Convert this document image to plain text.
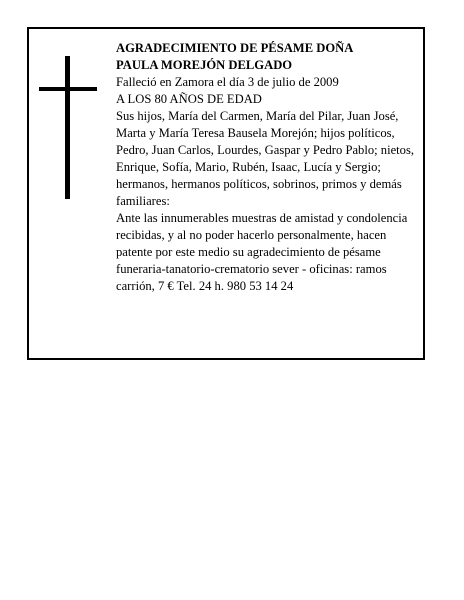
AGRADECIMIENTO DE PÉSAME DOÑA

PAULA MOREJÓN DELGADO

Falleció en Zamora el día 3 de julio de 2009

A LOS 80 AÑOS DE EDAD

Sus hijos, María del Carmen, María del Pilar, Juan José, Marta y María Teresa Bausela Morejón; hijos políticos, Pedro, Juan Carlos, Lourdes, Gaspar y Pedro Pablo; nietos, Enrique, Sofía, Mario, Rubén, Isaac, Lucía y Sergio; hermanos, hermanos políticos, sobrinos, primos y demás familiares:

Ante las innumerables muestras de amistad y condolencia recibidas, y al no poder hacerlo personalmente, hacen patente por este medio su agradecimiento de pésame

funeraria-tanatorio-crematorio sever - oficinas: ramos carrión, 7 € Tel. 24 h. 980 53 14 24
